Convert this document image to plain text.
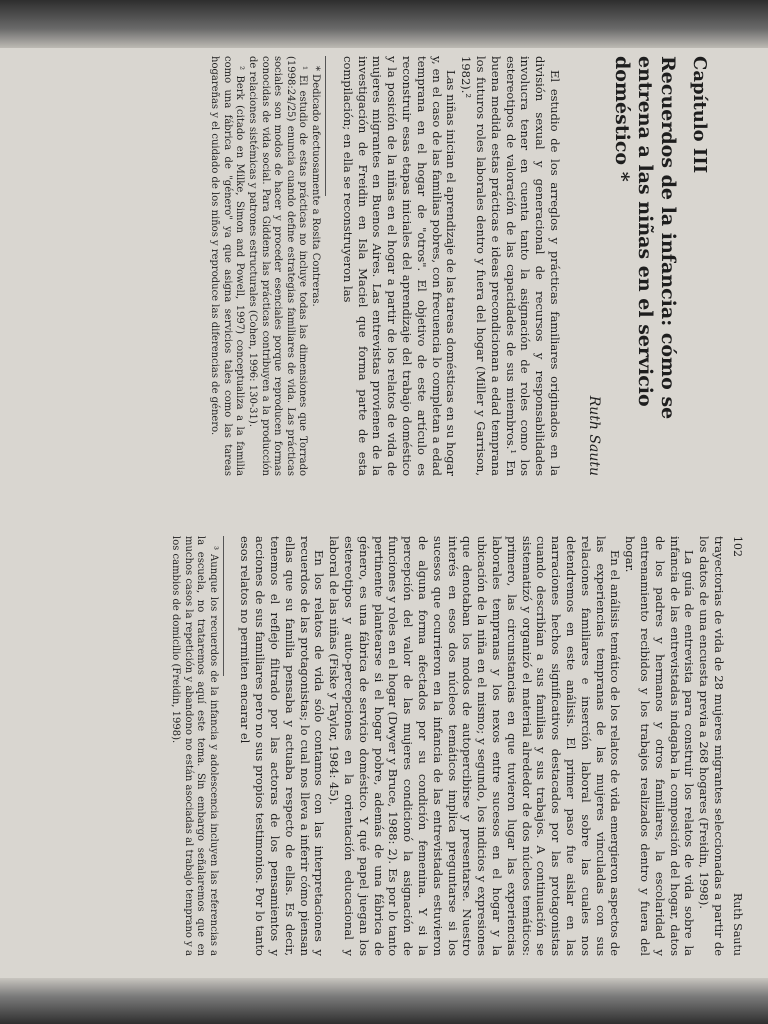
Capítulo III
Recuerdos de la infancia: cómo se entrena a las niñas en el servicio doméstico *
Ruth Sautu

El estudio de los arreglos y prácticas familiares originados en la división sexual y generacional de recursos y responsabilidades involucra tener en cuenta tanto la asignación de roles como los estereotipos de valoración de las capacidades de sus miembros.¹ En buena medida estas prácticas e ideas precondicionan a edad temprana los futuros roles laborales dentro y fuera del hogar (Miller y Garrison, 1982).²

Las niñas inician el aprendizaje de las tareas domésticas en su hogar y, en el caso de las familias pobres, con frecuencia lo completan a edad temprana en el hogar de "otros". El objetivo de este artículo es reconstruir esas etapas iniciales del aprendizaje del trabajo doméstico y la posición de la niñas en el hogar a partir de los relatos de vida de mujeres migrantes en Buenos Aires. Las entrevistas provienen de la investigación de Freidin en Isla Maciel que forma parte de esta compilación; en ella se reconstruyeron las

* Dedicado afectuosamente a Rosita Contreras.

¹ El estudio de estas prácticas no incluye todas las dimensiones que Torrado (1998:24/25) enuncia cuando define estrategias familiares de vida. Las prácticas sociales son modos de hacer y proceder esenciales porque reproducen formas conocidas de vida social. Para Giddens las prácticas contribuyen a la producción de relaciones sistémicas y patrones estructurales (Cohen, 1996: 130-31).

² Berk (citado en Milke, Simon and Powell, 1997) conceptualiza a la familia como una fábrica de "género" ya que asigna servicios tales como las tareas hogareñas y el cuidado de los niños y reproduce las diferencias de género.

102
Ruth Sautu

trayectorias de vida de 28 mujeres migrantes seleccionadas a partir de los datos de una encuesta previa a 268 hogares (Freidin, 1998).

La guía de entrevista para construir los relatos de vida sobre la infancia de las entrevistadas indagaba la composición del hogar, datos de los padres y hermanos y otros familiares, la escolaridad y entrenamiento recibidos y los trabajos realizados dentro y fuera del hogar.

En el análisis temático de los relatos de vida emergieron aspectos de las experiencias tempranas de las mujeres vinculadas con sus relaciones familiares e inserción laboral sobre las cuales nos detendremos en este análisis. El primer paso fue aislar en las narraciones hechos significativos destacados por las protagonistas cuando describían a sus familias y sus trabajos. A continuación se sistematizó y organizó el material alrededor de dos núcleos temáticos: primero, las circunstancias en que tuvieron lugar las experiencias laborales tempranas y los nexos entre sucesos en el hogar y la ubicación de la niña en el mismo; y segundo, los indicios y expresiones que denotaban los modos de autopercibirse y presentarse. Nuestro interés en esos dos núcleos temáticos implica preguntarse si los sucesos que ocurrieron en la infancia de las entrevistadas estuvieron de alguna forma afectados por su condición femenina. Y si la percepción del valor de las mujeres condicionó la asignación de funciones y roles en el hogar (Dwyer y Bruce, 1988: 2). Es por lo tanto pertinente plantearse si el hogar pobre, además de una fábrica de género, es una fábrica de servicio doméstico. Y qué papel juegan los estereotipos y auto-percepciones en la orientación educacional y laboral de las niñas (Fiske y Taylor, 1984: 45).

En los relatos de vida sólo contamos con las interpretaciones y recuerdos de las protagonistas; lo cual nos lleva a inferir cómo piensan ellas que su familia pensaba y actuaba respecto de ellas. Es decir, tenemos el reflejo filtrado por las actoras de los pensamientos y acciones de sus familiares pero no sus propios testimonios. Por lo tanto esos relatos no permiten encarar el

³ Aunque los recuerdos de la infancia y adolescencia incluyen las referencias a la escuela, no trataremos aquí este tema. Sin embargo señalaremos que en muchos casos la repetición y abandono no están asociadas al trabajo temprano y a los cambios de domicilio (Freidin, 1998).
